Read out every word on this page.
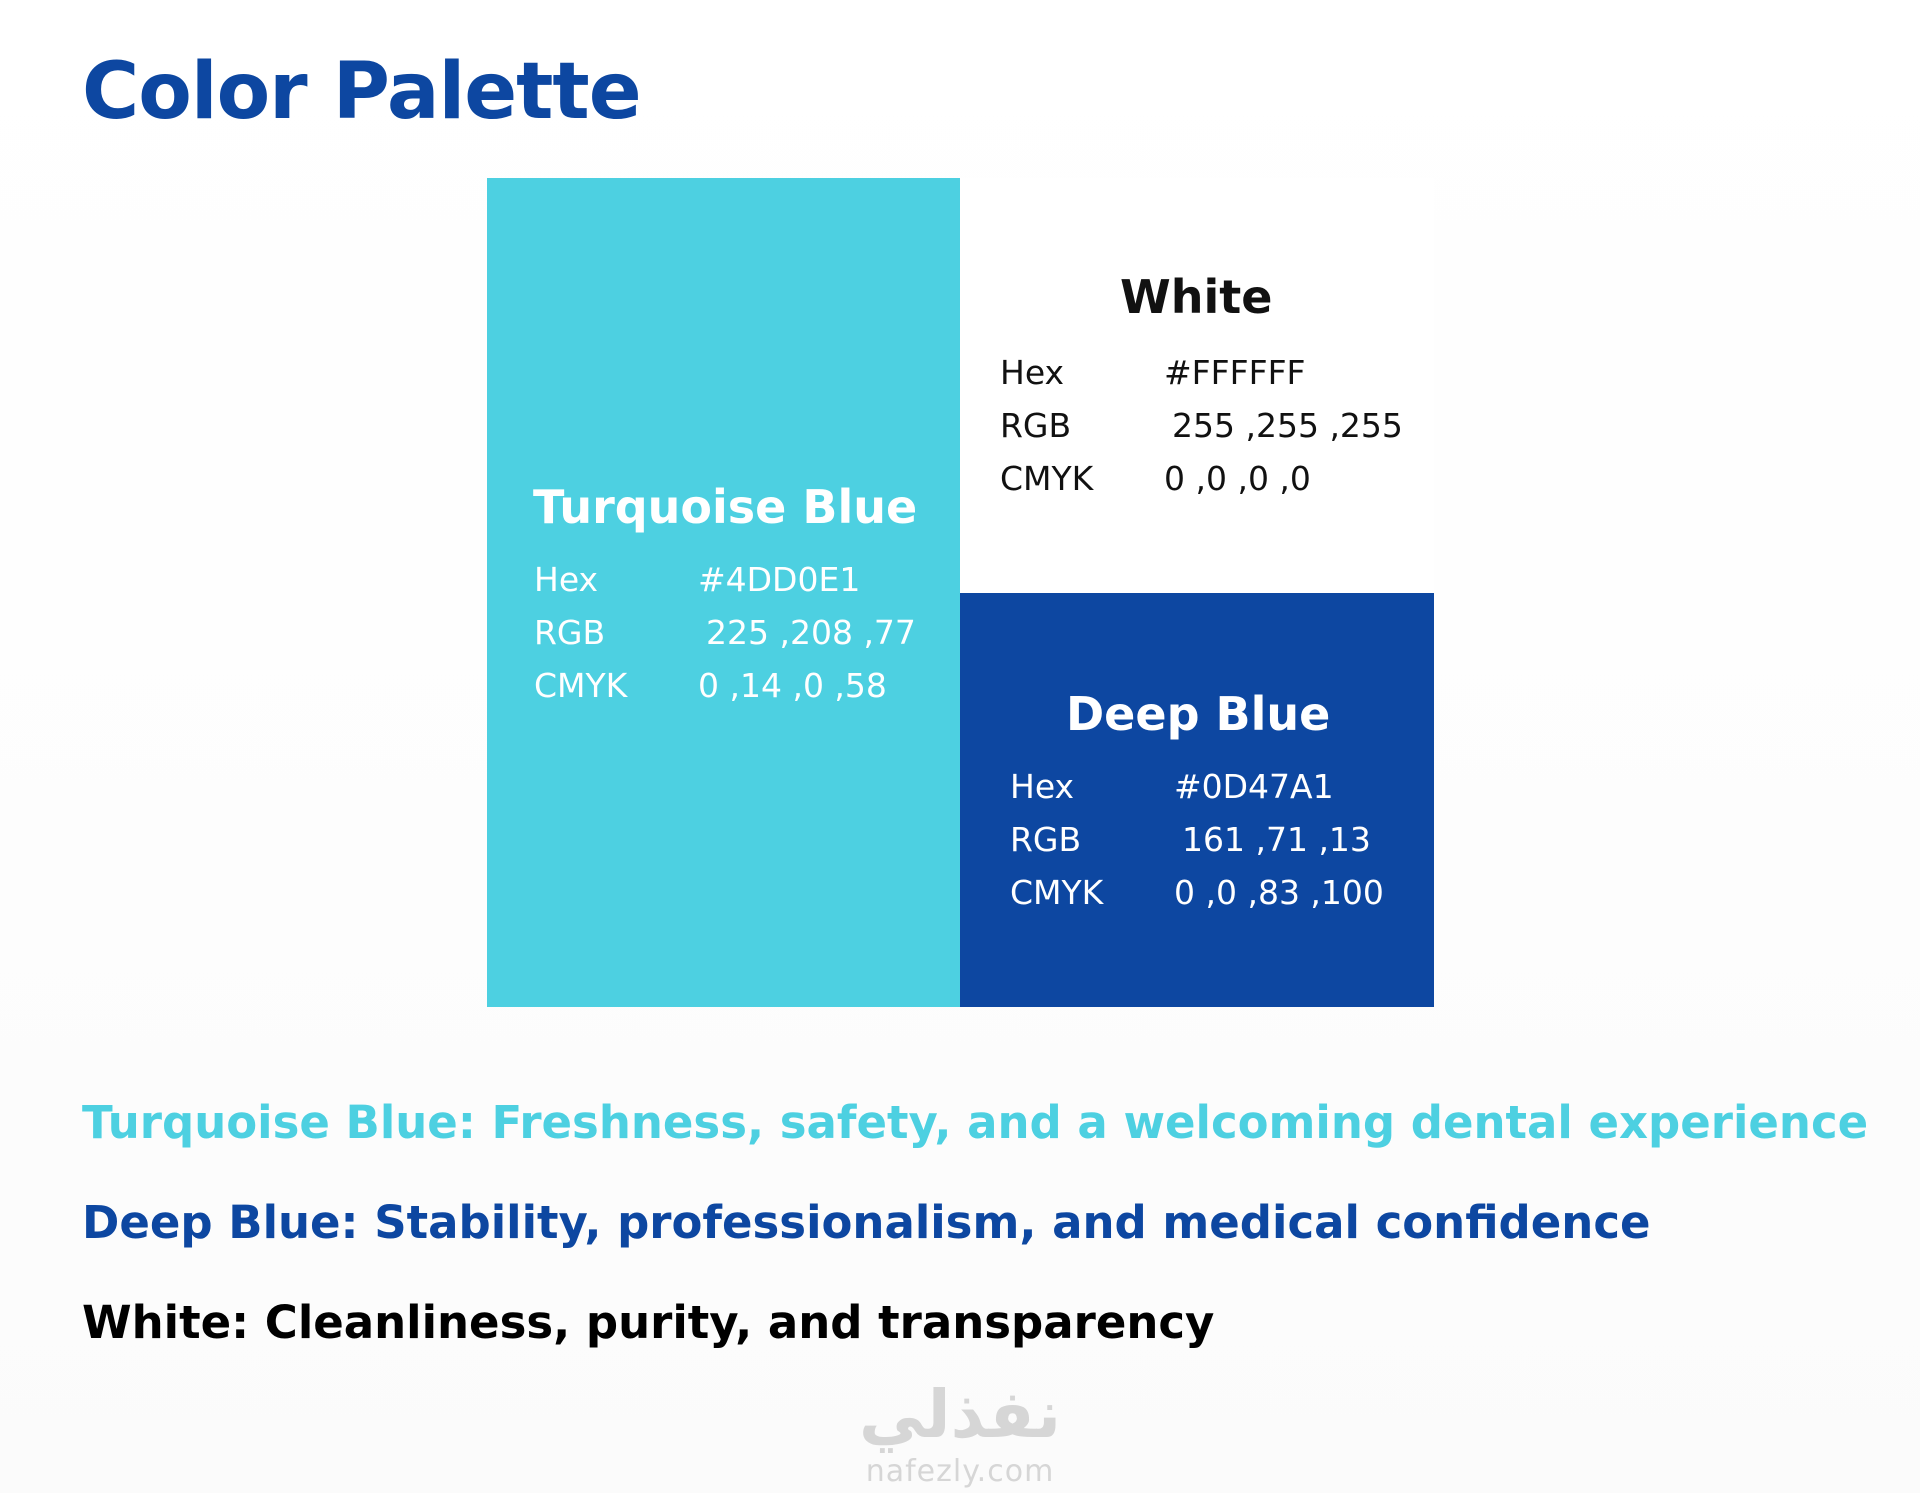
Color Palette
Turquoise Blue
Hex	#4DD0E1
RGB	225 ,208 ,77
CMYK 0 ,14 ,0 ,58
White
Hex	#FFFFFF
RGB	255 ,255 ,255
CMYK 0 ,0 ,0 ,0
Deep Blue
Hex	#0D47A1
RGB	161 ,71 ,13
CMYK 0 ,0 ,83 ,100

Turquoise Blue: Freshness, safety, and a welcoming dental experience

Deep Blue: Stability, professionalism, and medical confidence

White: Cleanliness, purity, and transparency

نفذلي
nafezly.com
